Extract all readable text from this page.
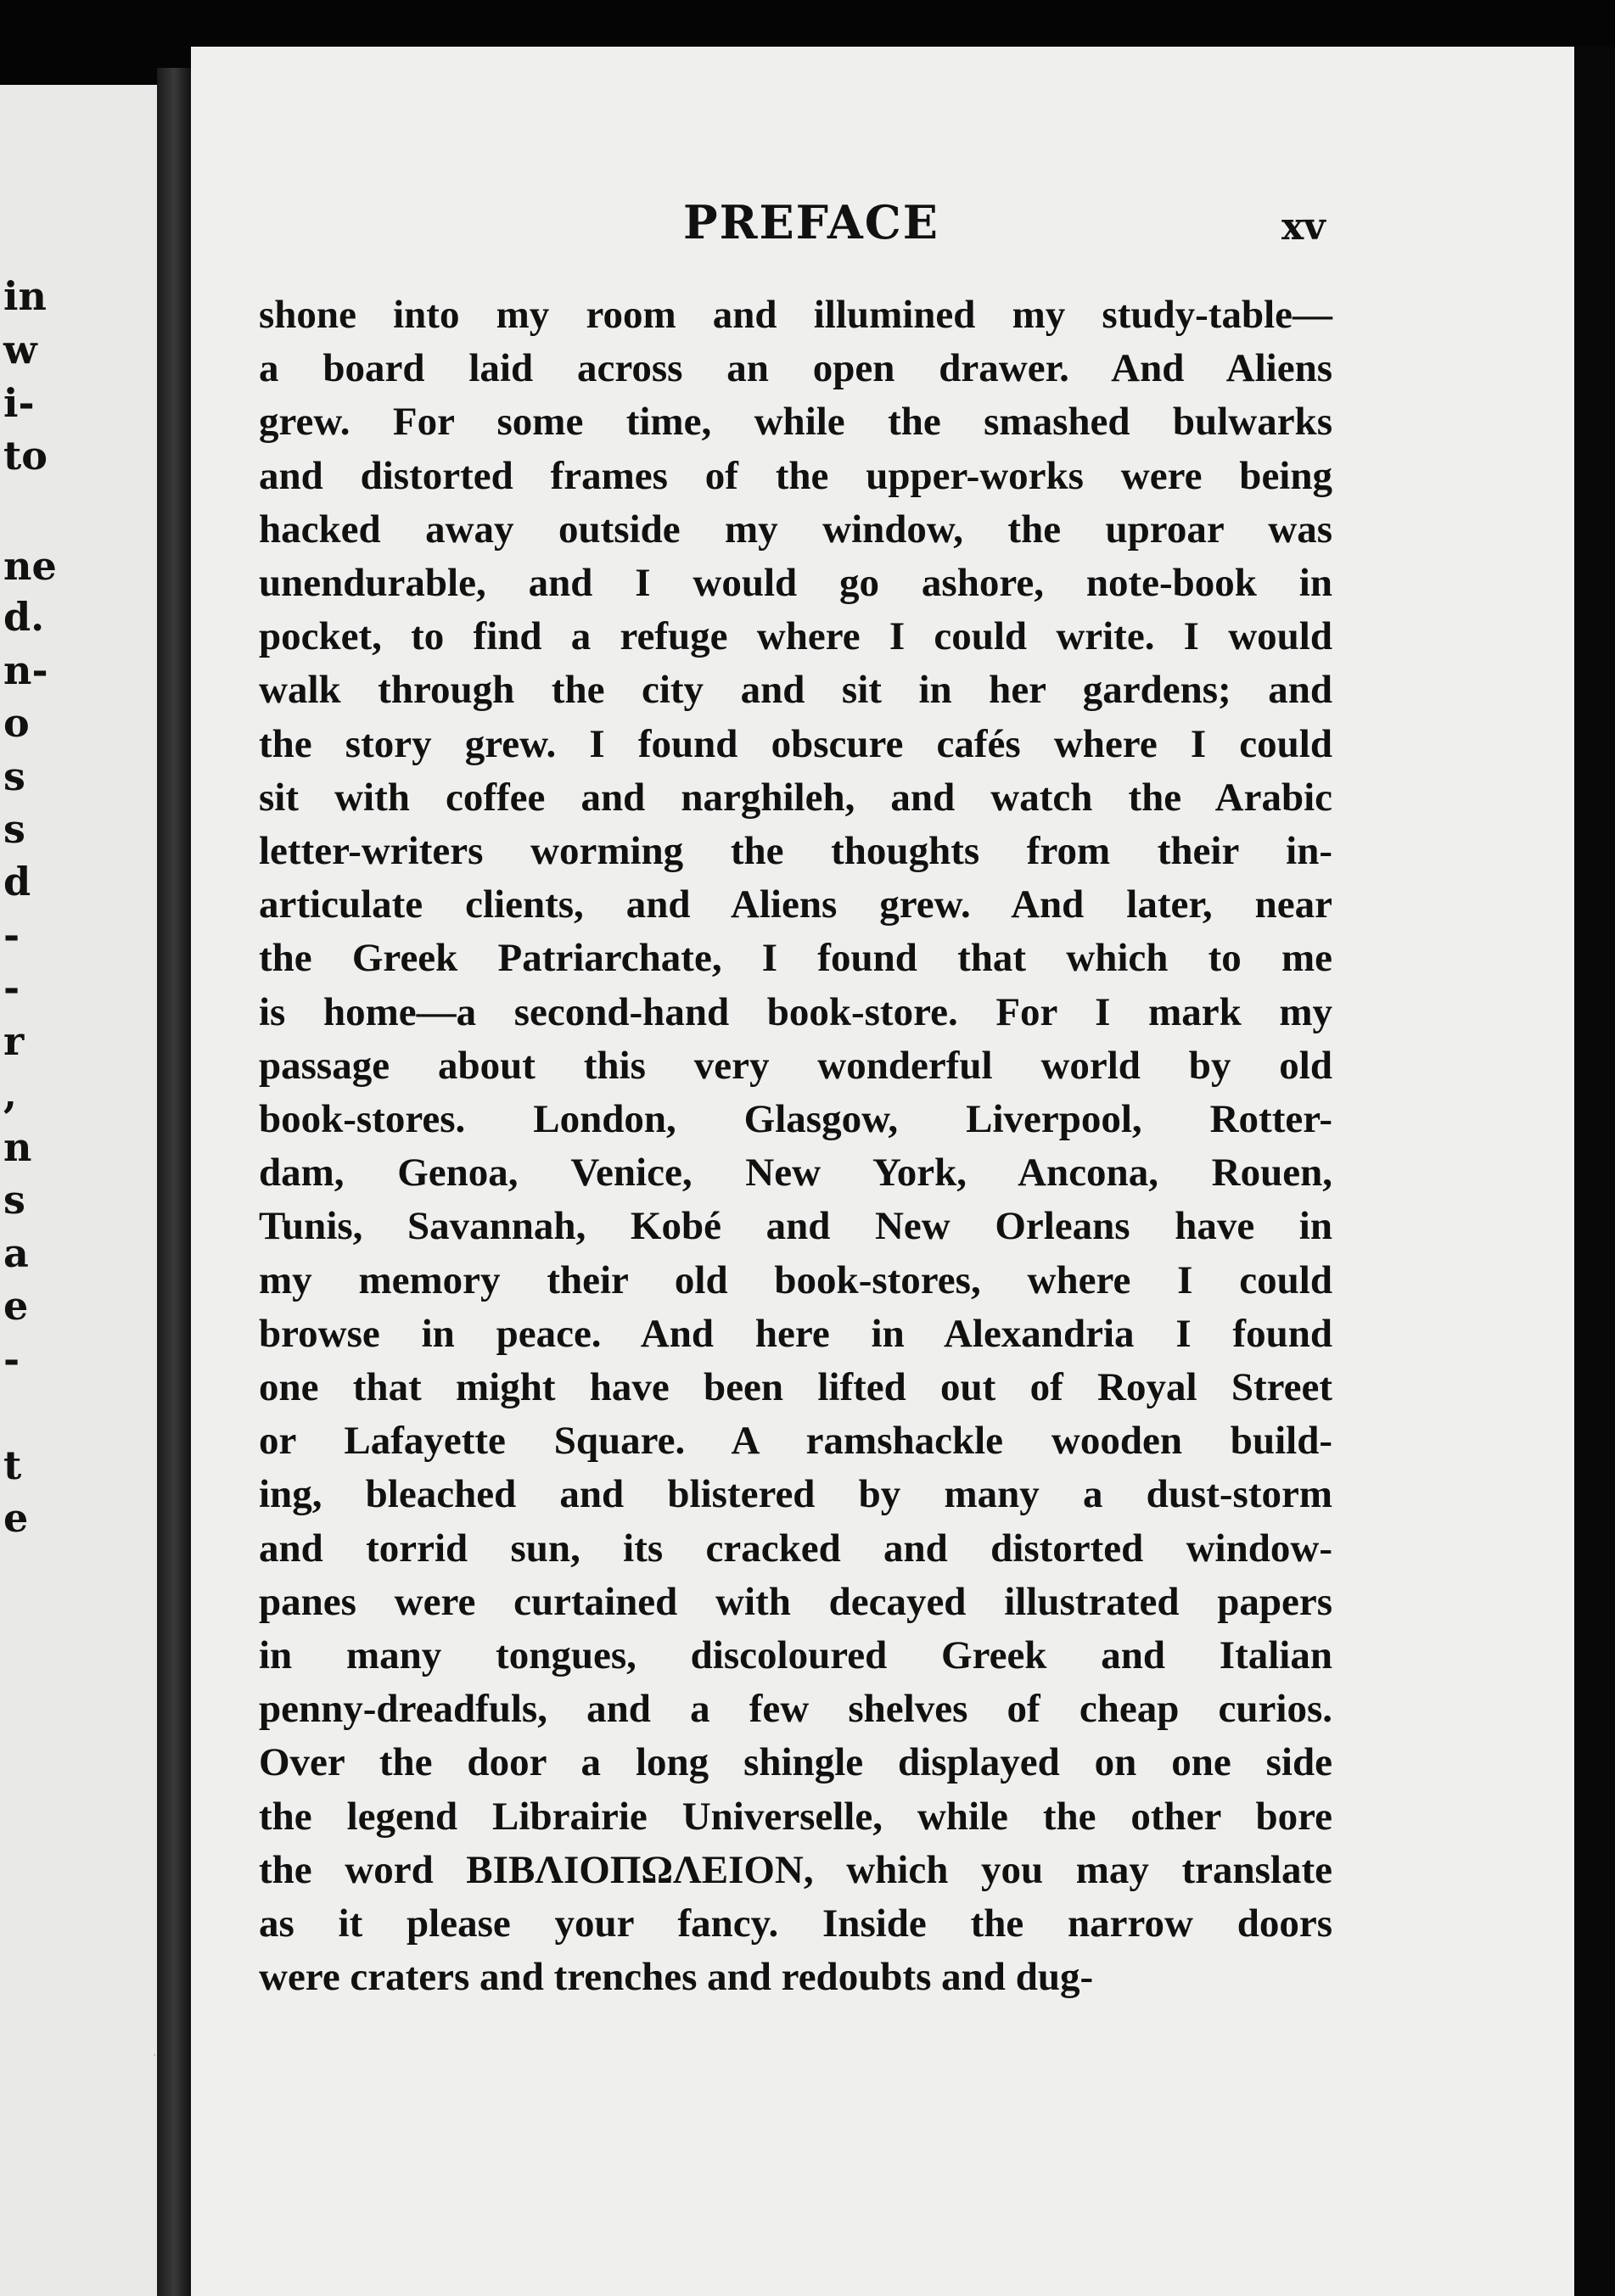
in
w
i-
to
ne
d.
n-
o
s
s
d
-
-
r
,
n
s
a
e
-
t
e
PREFACE	xv
shone into my room and illumined my study-table—
a board laid across an open drawer. And Aliens
grew. For some time, while the smashed bulwarks
and distorted frames of the upper-works were being
hacked away outside my window, the uproar was
unendurable, and I would go ashore, note-book in
pocket, to find a refuge where I could write. I would
walk through the city and sit in her gardens; and
the story grew. I found obscure cafés where I could
sit with coffee and narghileh, and watch the Arabic
letter-writers worming the thoughts from their in-
articulate clients, and Aliens grew. And later, near
the Greek Patriarchate, I found that which to me
is home—a second-hand book-store. For I mark my
passage about this very wonderful world by old
book-stores. London, Glasgow, Liverpool, Rotter-
dam, Genoa, Venice, New York, Ancona, Rouen,
Tunis, Savannah, Kobé and New Orleans have in
my memory their old book-stores, where I could
browse in peace. And here in Alexandria I found
one that might have been lifted out of Royal Street
or Lafayette Square. A ramshackle wooden build-
ing, bleached and blistered by many a dust-storm
and torrid sun, its cracked and distorted window-
panes were curtained with decayed illustrated papers
in many tongues, discoloured Greek and Italian
penny-dreadfuls, and a few shelves of cheap curios.
Over the door a long shingle displayed on one side
the legend Librairie Universelle, while the other bore
the word ΒΙΒΛΙΟΠΩΛΕΙΟΝ, which you may translate
as it please your fancy. Inside the narrow doors
were craters and trenches and redoubts and dug-
‧
